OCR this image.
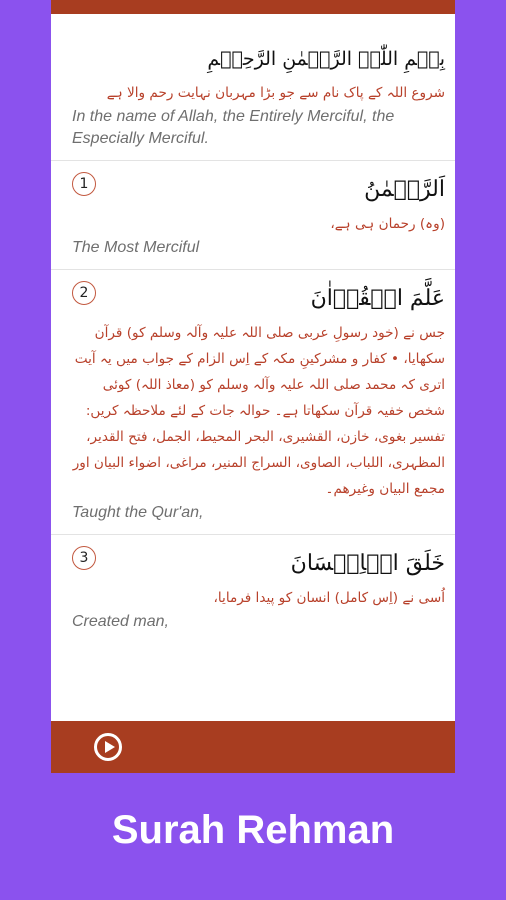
بِسۡمِ اللّٰہِ الرَّحۡمٰنِ الرَّحِیۡمِ
شروع اللہ کے پاک نام سے جو بڑا مہربان نہایت رحم والا ہے
In the name of Allah, the Entirely Merciful, the Especially Merciful.
1	اَلرَّحۡمٰنُ
(وہ) رحمان ہی ہے،
The Most Merciful
2	عَلَّمَ الۡقُرۡاٰنَ
جس نے (خود رسولِ عربی صلی اللہ علیہ وآلہ وسلم کو) قرآن سکھایا، • کفار و مشرکینِ مکہ کے اِس الزام کے جواب میں یہ آیت اتری کہ محمد صلی اللہ علیہ وآلہ وسلم کو (معاذ اللہ) کوئی شخص خفیہ قرآن سکھاتا ہے۔ حوالہ جات کے لئے ملاحظہ کریں: تفسیر بغوی، خازن، القشیری، البحر المحیط، الجمل، فتح القدیر، المظہری، اللباب، الصاوی، السراج المنیر، مراغی، اضواء البیان اور مجمع البیان وغیرھم۔
Taught the Qur'an,
3	خَلَقَ الۡاِنۡسَانَ
اُسی نے (اِس کامل) انسان کو پیدا فرمایا،
Created man,
Surah Rehman
